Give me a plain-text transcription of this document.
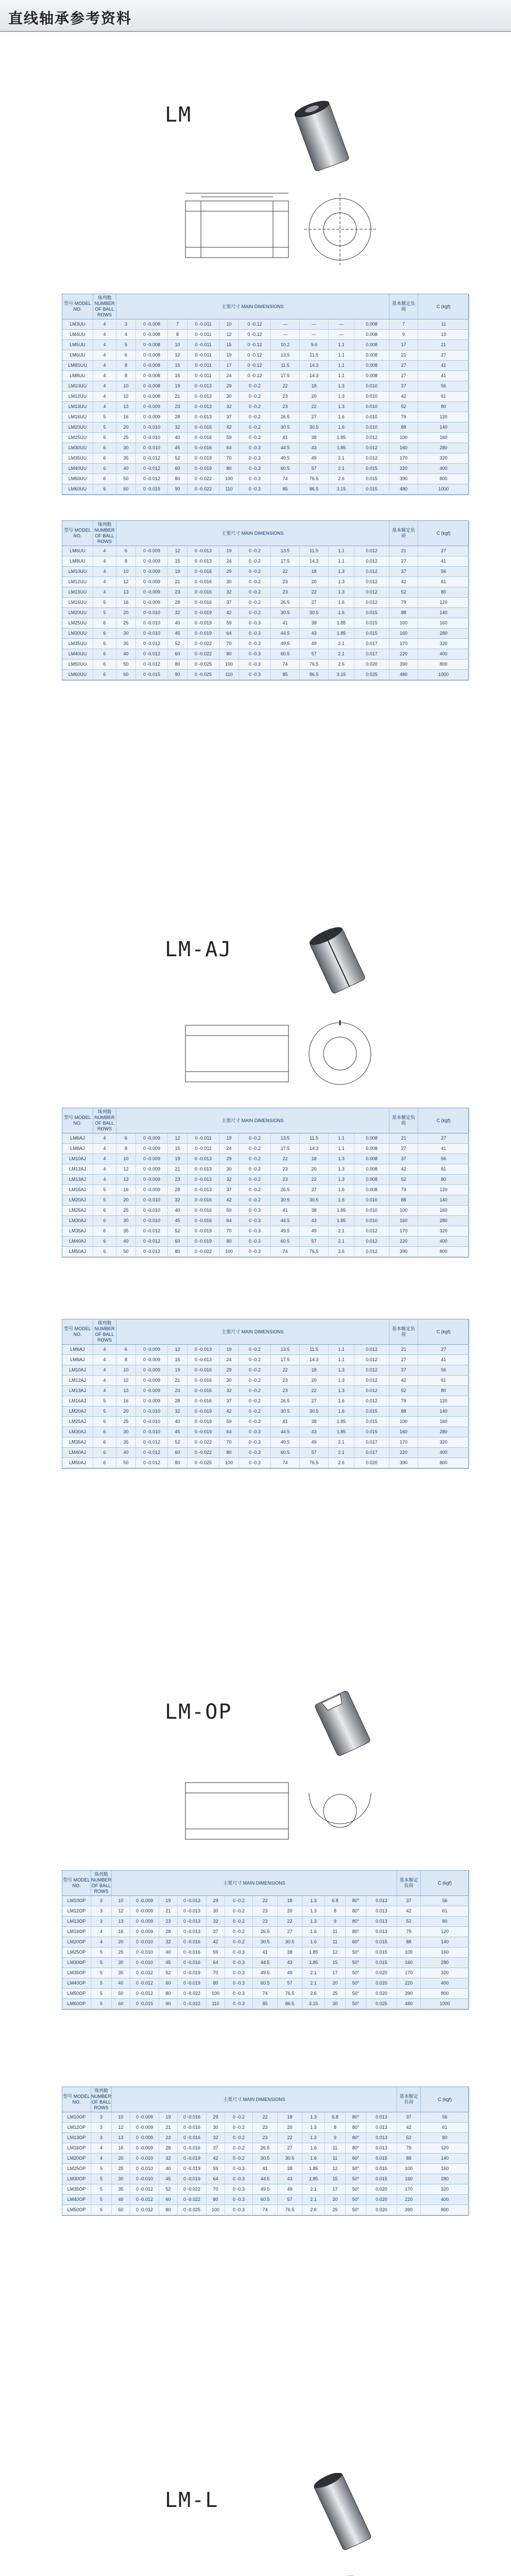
直线轴承参考资料
LM
型号 MODEL NO.
珠列数 NUMBER OF BALL ROWS
主要尺寸 MAIN DIMENSIONS
基本额定负荷
C (kgf)
LM3UU	4	3	0 -0.008	7	0 -0.011	10	0 -0.12	—	—	—	0.008	7	11
LM4UU	4	4	0 -0.008	8	0 -0.011	12	0 -0.12	—	—	—	0.008	9	13
LM5UU	4	5	0 -0.008	10	0 -0.011	15	0 -0.12	10.2	9.6	1.1	0.008	17	21
LM6UU	4	6	0 -0.008	12	0 -0.011	19	0 -0.12	13.5	11.5	1.1	0.008	21	27
LM8SUU	4	8	0 -0.008	15	0 -0.011	17	0 -0.12	11.5	14.3	1.1	0.008	27	41
LM8UU	4	8	0 -0.008	15	0 -0.011	24	0 -0.12	17.5	14.3	1.1	0.008	27	41
LM10UU	4	10	0 -0.008	19	0 -0.013	29	0 -0.2	22	18	1.3	0.010	37	56
LM12UU	4	12	0 -0.008	21	0 -0.013	30	0 -0.2	23	20	1.3	0.010	42	61
LM13UU	4	13	0 -0.009	23	0 -0.013	32	0 -0.2	23	22	1.3	0.010	52	80
LM16UU	5	16	0 -0.009	28	0 -0.013	37	0 -0.2	26.5	27	1.6	0.010	79	120
LM20UU	5	20	0 -0.010	32	0 -0.016	42	0 -0.2	30.5	30.5	1.6	0.010	88	140
LM25UU	6	25	0 -0.010	40	0 -0.016	59	0 -0.3	41	38	1.85	0.012	100	160
LM30UU	6	30	0 -0.010	45	0 -0.016	64	0 -0.3	44.5	43	1.85	0.012	160	280
LM35UU	6	35	0 -0.012	52	0 -0.019	70	0 -0.3	49.5	49	2.1	0.012	170	320
LM40UU	6	40	0 -0.012	60	0 -0.019	80	0 -0.3	60.5	57	2.1	0.015	220	400
LM50UU	6	50	0 -0.012	80	0 -0.022	100	0 -0.3	74	76.5	2.6	0.015	390	800
LM60UU	6	60	0 -0.015	90	0 -0.022	110	0 -0.3	85	86.5	3.15	0.015	480	1000
型号 MODEL NO.
珠列数 NUMBER OF BALL ROWS
主要尺寸 MAIN DIMENSIONS
基本额定负荷
C (kgf)
LM6UU	4	6	0 -0.009	12	0 -0.013	19	0 -0.2	13.5	11.5	1.1	0.012	21	27
LM8UU	4	8	0 -0.009	15	0 -0.013	24	0 -0.2	17.5	14.3	1.1	0.012	27	41
LM10UU	4	10	0 -0.009	19	0 -0.016	29	0 -0.2	22	18	1.3	0.012	37	56
LM12UU	4	12	0 -0.009	21	0 -0.016	30	0 -0.2	23	20	1.3	0.012	42	61
LM13UU	4	13	0 -0.009	23	0 -0.016	32	0 -0.2	23	22	1.3	0.012	52	80
LM16UU	5	16	0 -0.009	28	0 -0.016	37	0 -0.2	26.5	27	1.6	0.012	79	120
LM20UU	5	20	0 -0.010	32	0 -0.019	42	0 -0.2	30.5	30.5	1.6	0.015	88	140
LM25UU	6	25	0 -0.010	40	0 -0.019	59	0 -0.3	41	38	1.85	0.015	100	160
LM30UU	6	30	0 -0.010	45	0 -0.019	64	0 -0.3	44.5	43	1.85	0.015	160	280
LM35UU	6	35	0 -0.012	52	0 -0.022	70	0 -0.3	49.5	49	2.1	0.017	170	320
LM40UU	6	40	0 -0.012	60	0 -0.022	80	0 -0.3	60.5	57	2.1	0.017	220	400
LM50UU	6	50	0 -0.012	80	0 -0.025	100	0 -0.3	74	76.5	2.6	0.020	390	800
LM60UU	6	60	0 -0.015	90	0 -0.025	110	0 -0.3	85	86.5	3.15	0.025	480	1000
LM-AJ
型号 MODEL NO.
珠列数 NUMBER OF BALL ROWS
主要尺寸 MAIN DIMENSIONS
基本额定负荷
C (kgf)
LM6AJ	4	6	0 -0.009	12	0 -0.011	19	0 -0.2	13.5	11.5	1.1	0.008	21	27
LM8AJ	4	8	0 -0.009	15	0 -0.011	24	0 -0.2	17.5	14.3	1.1	0.008	27	41
LM10AJ	4	10	0 -0.009	19	0 -0.013	29	0 -0.2	22	18	1.3	0.008	37	56
LM12AJ	4	12	0 -0.009	21	0 -0.013	30	0 -0.2	23	20	1.3	0.008	42	61
LM13AJ	4	13	0 -0.009	23	0 -0.013	32	0 -0.2	23	22	1.3	0.008	52	80
LM16AJ	5	16	0 -0.009	28	0 -0.013	37	0 -0.2	26.5	27	1.6	0.008	79	120
LM20AJ	5	20	0 -0.010	32	0 -0.016	42	0 -0.2	30.5	30.5	1.6	0.010	88	140
LM25AJ	6	25	0 -0.010	40	0 -0.016	59	0 -0.3	41	38	1.85	0.010	100	160
LM30AJ	6	30	0 -0.010	45	0 -0.016	64	0 -0.3	44.5	43	1.85	0.010	160	280
LM35AJ	6	35	0 -0.012	52	0 -0.019	70	0 -0.3	49.5	49	2.1	0.012	170	320
LM40AJ	6	40	0 -0.012	60	0 -0.019	80	0 -0.3	60.5	57	2.1	0.012	220	400
LM50AJ	6	50	0 -0.012	80	0 -0.022	100	0 -0.3	74	76.5	2.6	0.012	390	800
型号 MODEL NO.
珠列数 NUMBER OF BALL ROWS
主要尺寸 MAIN DIMENSIONS
基本额定负荷
C (kgf)
LM6AJ	4	6	0 -0.009	12	0 -0.013	19	0 -0.2	13.5	11.5	1.1	0.012	21	27
LM8AJ	4	8	0 -0.009	15	0 -0.013	24	0 -0.2	17.5	14.3	1.1	0.012	27	41
LM10AJ	4	10	0 -0.009	19	0 -0.016	29	0 -0.2	22	18	1.3	0.012	37	56
LM12AJ	4	12	0 -0.009	21	0 -0.016	30	0 -0.2	23	20	1.3	0.012	42	61
LM13AJ	4	13	0 -0.009	23	0 -0.016	32	0 -0.2	23	22	1.3	0.012	52	80
LM16AJ	5	16	0 -0.009	28	0 -0.016	37	0 -0.2	26.5	27	1.6	0.012	79	120
LM20AJ	5	20	0 -0.010	32	0 -0.019	42	0 -0.2	30.5	30.5	1.6	0.015	88	140
LM25AJ	6	25	0 -0.010	40	0 -0.019	59	0 -0.3	41	38	1.85	0.015	100	160
LM30AJ	6	30	0 -0.010	45	0 -0.019	64	0 -0.3	44.5	43	1.85	0.015	160	280
LM35AJ	6	35	0 -0.012	52	0 -0.022	70	0 -0.3	49.5	49	2.1	0.017	170	320
LM40AJ	6	40	0 -0.012	60	0 -0.022	80	0 -0.3	60.5	57	2.1	0.017	220	400
LM50AJ	6	50	0 -0.012	80	0 -0.025	100	0 -0.3	74	76.5	2.6	0.020	390	800
LM-OP
型号 MODEL NO.
珠列数 NUMBER OF BALL ROWS
主要尺寸 MAIN DIMENSIONS
基本额定负荷
C (kgf)
LM10OP	3	10	0 -0.009	19	0 -0.013	29	0 -0.2	22	18	1.3	6.8	80°	0.013	37	56
LM12OP	3	12	0 -0.009	21	0 -0.013	30	0 -0.2	23	20	1.3	8	80°	0.013	42	61
LM13OP	3	13	0 -0.009	23	0 -0.013	32	0 -0.2	23	22	1.3	9	80°	0.013	52	80
LM16OP	4	16	0 -0.009	28	0 -0.013	37	0 -0.2	26.5	27	1.6	11	80°	0.013	79	120
LM20OP	4	20	0 -0.010	32	0 -0.016	42	0 -0.2	30.5	30.5	1.6	11	60°	0.015	88	140
LM25OP	5	25	0 -0.010	40	0 -0.016	59	0 -0.3	41	38	1.85	12	50°	0.015	100	160
LM30OP	5	30	0 -0.010	45	0 -0.016	64	0 -0.3	44.5	43	1.85	15	50°	0.015	160	280
LM35OP	5	35	0 -0.012	52	0 -0.019	70	0 -0.3	49.5	49	2.1	17	50°	0.020	170	320
LM40OP	5	40	0 -0.012	60	0 -0.019	80	0 -0.3	60.5	57	2.1	20	50°	0.020	220	400
LM50OP	5	50	0 -0.012	80	0 -0.022	100	0 -0.3	74	76.5	2.6	25	50°	0.020	390	800
LM60OP	5	60	0 -0.015	90	0 -0.022	110	0 -0.3	85	86.5	3.15	30	50°	0.025	480	1000
型号 MODEL NO.
珠列数 NUMBER OF BALL ROWS
主要尺寸 MAIN DIMENSIONS
基本额定负荷
C (kgf)
LM10OP	3	10	0 -0.009	19	0 -0.016	29	0 -0.2	22	18	1.3	6.8	80°	0.013	37	56
LM12OP	3	12	0 -0.009	21	0 -0.016	30	0 -0.2	23	20	1.3	8	80°	0.013	42	61
LM13OP	3	13	0 -0.009	23	0 -0.016	32	0 -0.2	23	22	1.3	9	80°	0.013	52	80
LM16OP	4	16	0 -0.009	28	0 -0.016	37	0 -0.2	26.5	27	1.6	11	80°	0.013	79	120
LM20OP	4	20	0 -0.010	32	0 -0.019	42	0 -0.2	30.5	30.5	1.6	11	60°	0.015	88	140
LM25OP	5	25	0 -0.010	40	0 -0.019	59	0 -0.3	41	38	1.85	12	50°	0.015	100	160
LM30OP	5	30	0 -0.010	45	0 -0.019	64	0 -0.3	44.5	43	1.85	15	50°	0.015	160	280
LM35OP	5	35	0 -0.012	52	0 -0.022	70	0 -0.3	49.5	49	2.1	17	50°	0.020	170	320
LM40OP	5	40	0 -0.012	60	0 -0.022	80	0 -0.3	60.5	57	2.1	20	50°	0.020	220	400
LM50OP	5	50	0 -0.012	80	0 -0.025	100	0 -0.3	74	76.5	2.6	25	50°	0.020	390	800
LM-L
